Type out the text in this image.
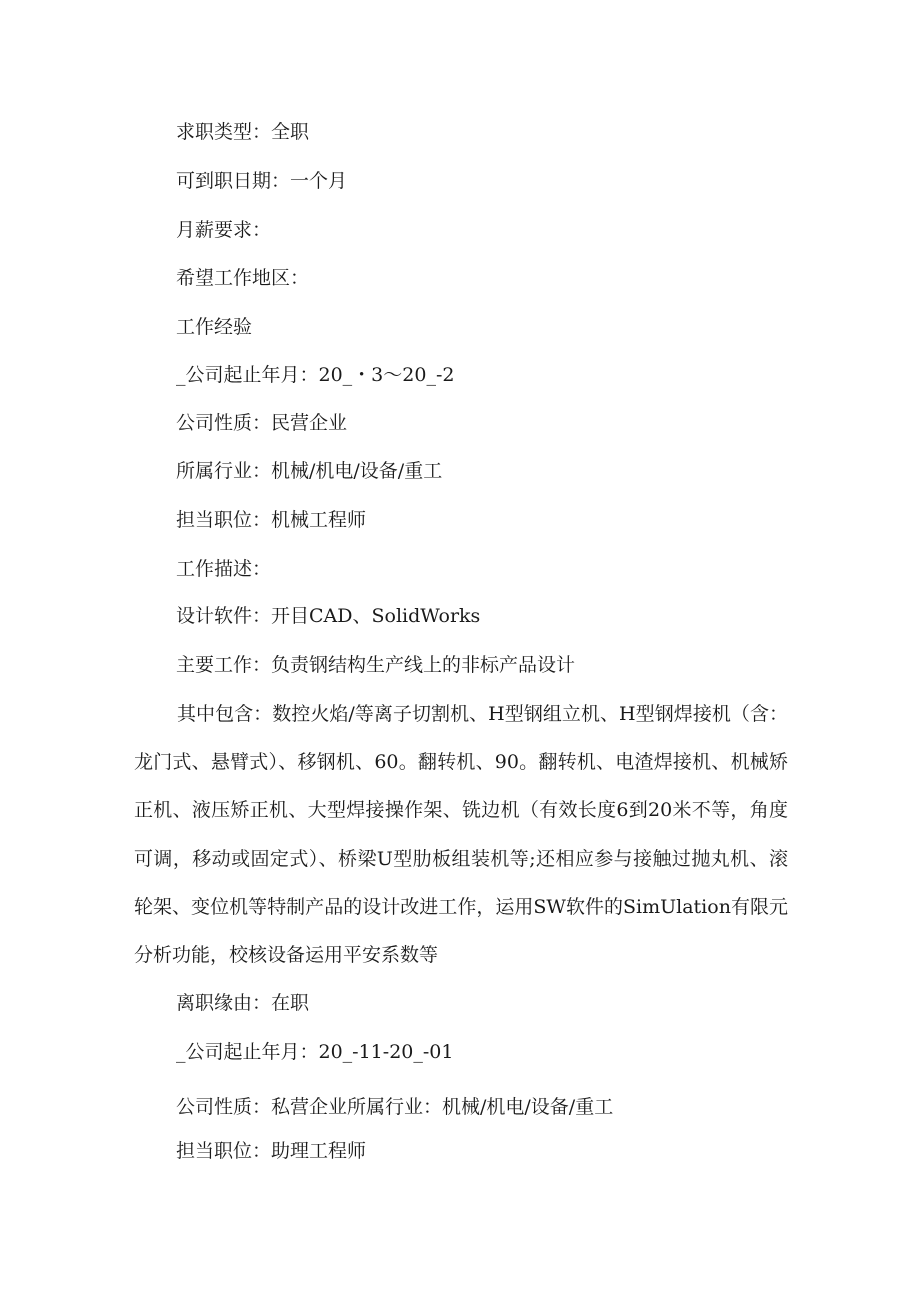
求职类型：全职
可到职日期：一个月
月薪要求：
希望工作地区：
工作经验
_公司起止年月：20_・3～20_-2
公司性质：民营企业
所属行业：机械/机电/设备/重工
担当职位：机械工程师
工作描述：
设计软件：开目CAD、SolidWorks
主要工作：负责钢结构生产线上的非标产品设计
其中包含：数控火焰/等离子切割机、H型钢组立机、H型钢焊接机（含：龙门式、悬臂式）、移钢机、60。翻转机、90。翻转机、电渣焊接机、机械矫正机、液压矫正机、大型焊接操作架、铣边机（有效长度6到20米不等，角度可调，移动或固定式）、桥梁U型肋板组装机等;还相应参与接触过抛丸机、滚轮架、变位机等特制产品的设计改进工作，运用SW软件的SimUlation有限元分析功能，校核设备运用平安系数等
离职缘由：在职
_公司起止年月：20_-11-20_-01
公司性质：私营企业所属行业：机械/机电/设备/重工
担当职位：助理工程师
